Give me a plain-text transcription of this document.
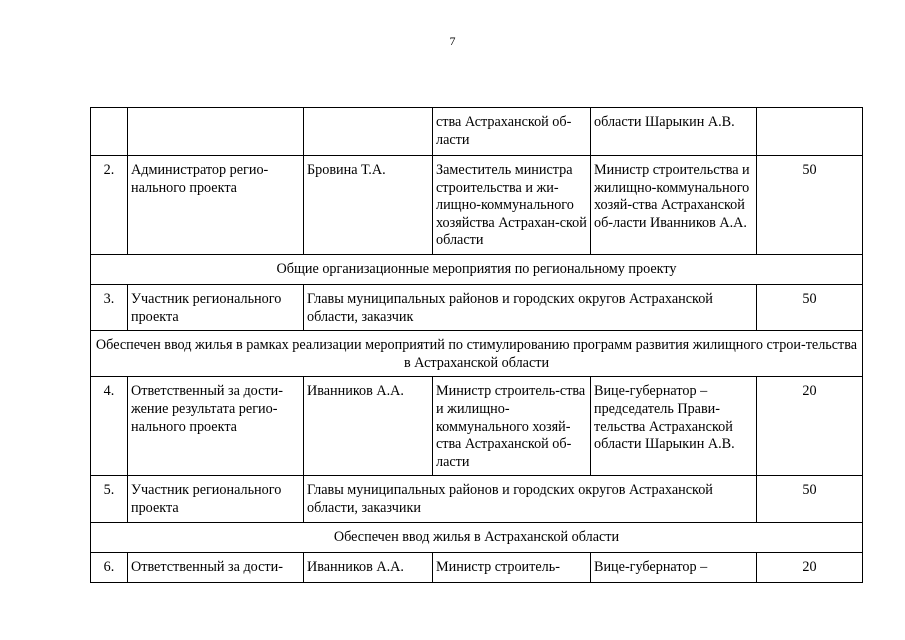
7
			ства Астраханской об-ласти	области Шарыкин А.В.	
2.	Администратор регио-нального проекта	Бровина Т.А.	Заместитель министра строительства и жи-лищно-коммунального хозяйства Астрахан-ской области	Министр строительства и жилищно-коммунального хозяй-ства Астраханской об-ласти Иванников А.А.	50
Общие организационные мероприятия по региональному проекту					
3.	Участник регионального проекта	Главы муниципальных районов и городских округов Астраханской области, заказчик			50
Обеспечен ввод жилья в рамках реализации мероприятий по стимулированию программ развития жилищного строи-тельства в Астраханской области					
4.	Ответственный за дости-жение результата регио-нального проекта	Иванников А.А.	Министр строитель-ства и жилищно-коммунального хозяй-ства Астраханской об-ласти	Вице-губернатор – председатель Прави-тельства Астраханской области Шарыкин А.В.	20
5.	Участник регионального проекта	Главы муниципальных районов и городских округов Астраханской области, заказчики			50
Обеспечен ввод жилья в Астраханской области					
6.	Ответственный за дости-	Иванников А.А.	Министр строитель-	Вице-губернатор –	20
